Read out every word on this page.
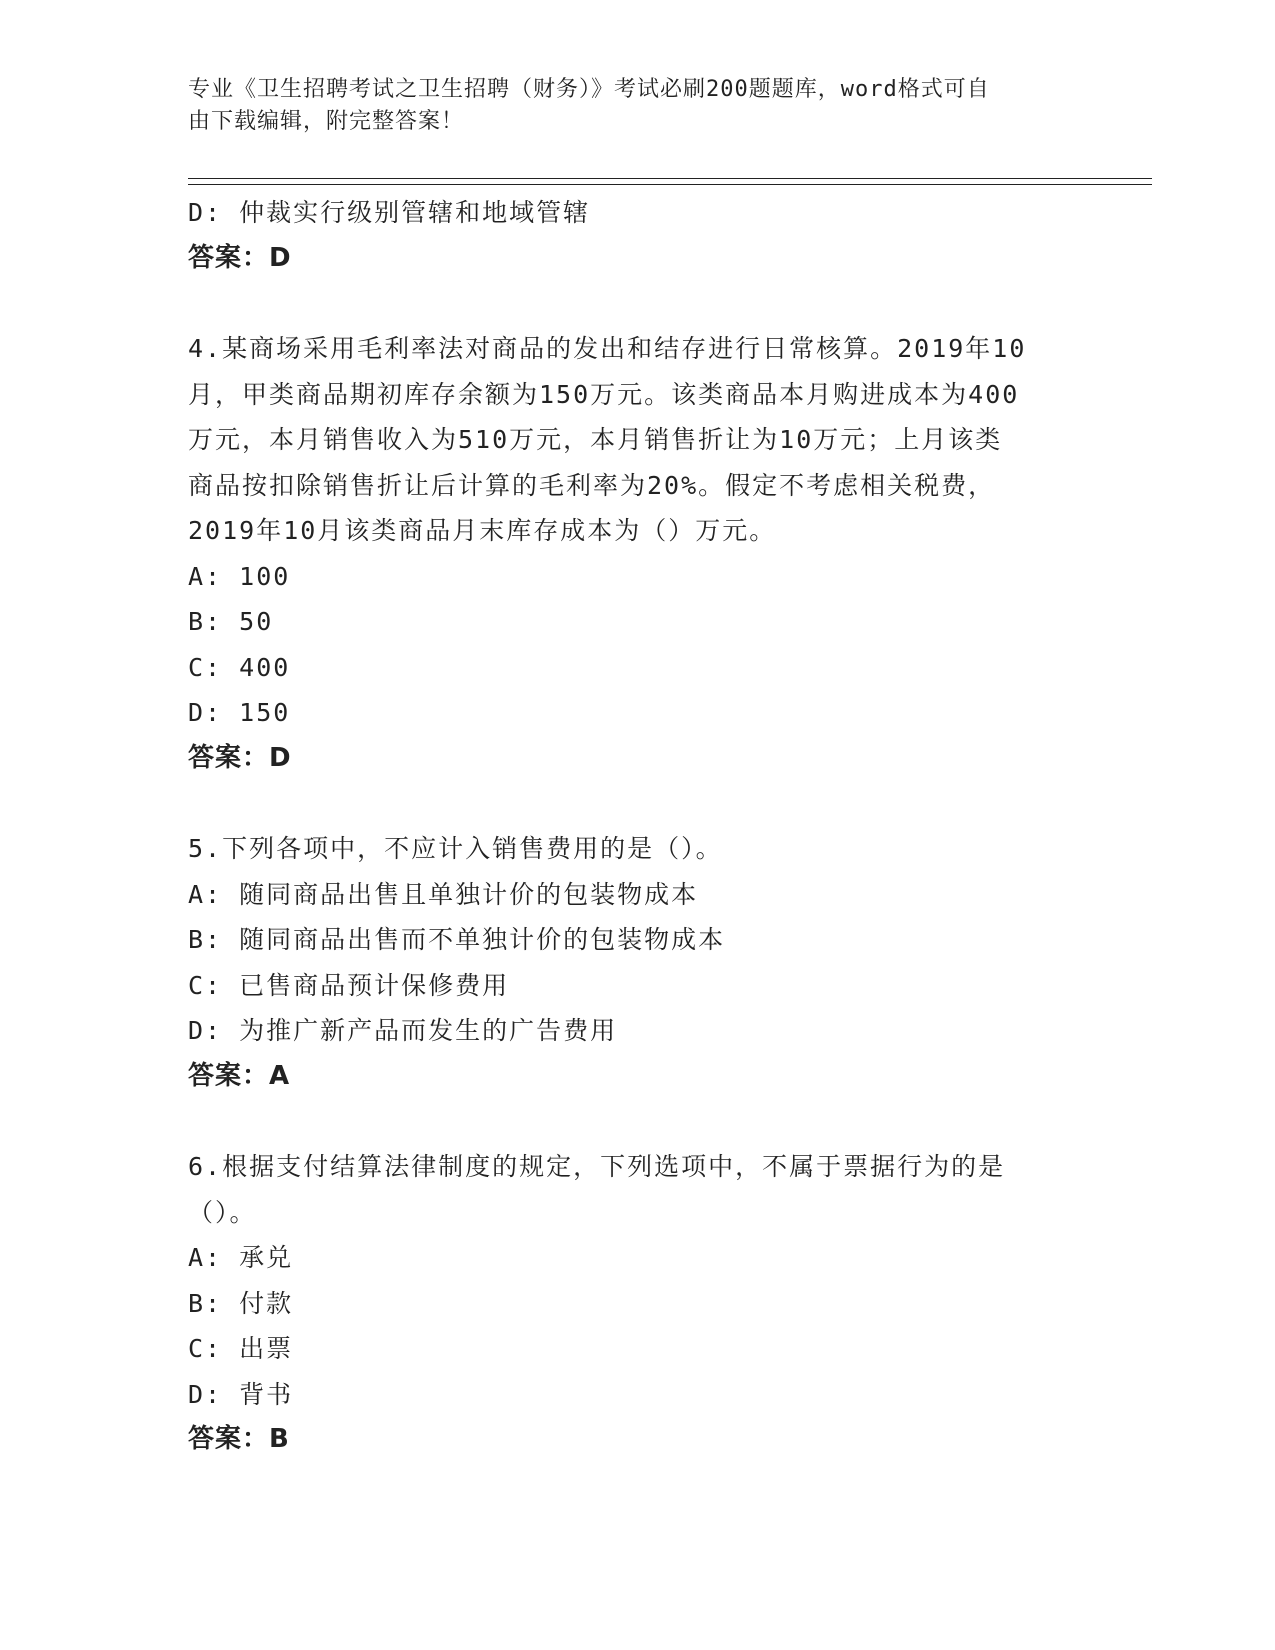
专业《卫生招聘考试之卫生招聘（财务）》考试必刷200题题库，word格式可自
由下载编辑，附完整答案！
D: 仲裁实行级别管辖和地域管辖
答案：D
4.某商场采用毛利率法对商品的发出和结存进行日常核算。2019年10
月，甲类商品期初库存余额为150万元。该类商品本月购进成本为400
万元，本月销售收入为510万元，本月销售折让为10万元；上月该类
商品按扣除销售折让后计算的毛利率为20%。假定不考虑相关税费，
2019年10月该类商品月末库存成本为（）万元。
A: 100
B: 50
C: 400
D: 150
答案：D
5.下列各项中，不应计入销售费用的是（）。
A: 随同商品出售且单独计价的包装物成本
B: 随同商品出售而不单独计价的包装物成本
C: 已售商品预计保修费用
D: 为推广新产品而发生的广告费用
答案：A
6.根据支付结算法律制度的规定，下列选项中，不属于票据行为的是
（）。
A: 承兑
B: 付款
C: 出票
D: 背书
答案：B
